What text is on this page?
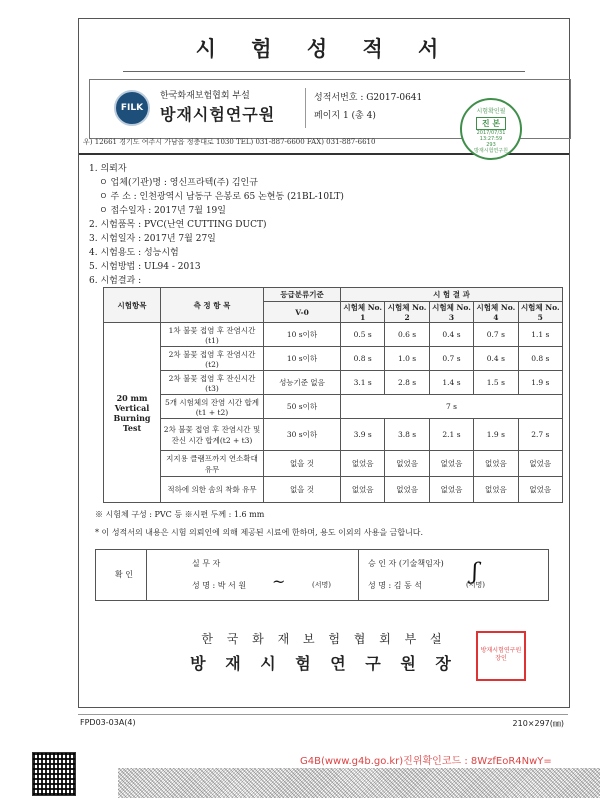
시 험 성 적 서
FILK
한국화재보험협회 부설
방재시험연구원
성적서번호 : G2017-0641
페이지 1 (총 4)
우) 12661 경기도 여주시 가남읍 정충대로 1030 TEL) 031-887-6600 FAX) 031-887-6610
1. 의뢰자
ㅇ 업체(기관)명 : 영신프라텍(주) 김인규
ㅇ 주 소 : 인천광역시 남동구 은봉로 65 논현동 (21BL-10LT)
ㅇ 접수일자 : 2017년 7월 19일
2. 시험품목 : PVC(난연 CUTTING DUCT)
3. 시험일자 : 2017년 7월 27일
4. 시험용도 : 성능시험
5. 시험방법 : UL94 - 2013
6. 시험결과 :
시험항목	측 정 항 목	등급분류기준	시 험 결 과				
		V-0	시험체 No. 1	시험체 No. 2	시험체 No. 3	시험체 No. 4	시험체 No. 5
20 mm Vertical Burning Test	1차 불꽃 접염 후 잔염시간(t1)	10 s이하	0.5 s	0.6 s	0.4 s	0.7 s	1.1 s
	2차 불꽃 접염 후 잔염시간(t2)	10 s이하	0.8 s	1.0 s	0.7 s	0.4 s	0.8 s
	2차 불꽃 접염 후 잔신시간(t3)	성능기준 없음	3.1 s	2.8 s	1.4 s	1.5 s	1.9 s
	5개 시험체의 잔염 시간 합계(t1 + t2)	50 s이하	7 s				
	2차 불꽃 접염 후 잔염시간 및 잔신 시간 합계(t2 + t3)	30 s이하	3.9 s	3.8 s	2.1 s	1.9 s	2.7 s
	지지용 클램프까지 연소확대 유무	없을 것	없었음	없었음	없었음	없었음	없었음
	적하에 의한 솜의 착화 유무	없을 것	없었음	없었음	없었음	없었음	없었음
※ 시험체 구성 : PVC 등 ※시편 두께 : 1.6 mm
* 이 성적서의 내용은 시험 의뢰인에 의해 제공된 시료에 한하며, 용도 이외의 사용을 금합니다.
확 인
실 무 자
성 명 : 박 서 원	(서명)
~
승 인 자 (기술책임자)
성 명 : 김 동 석	(서명)
ʃ
한 국 화 재 보 험 협 회 부 설
방 재 시 험 연 구 원 장
방재시험연구원장인
시험확인필
진 본
2017/07/31
13:27:59
293
방재시험연구원
FPD03-03A(4)	210×297(㎜)
G4B(www.g4b.go.kr)진위확인코드 : 8WzfEoR4NwY=
